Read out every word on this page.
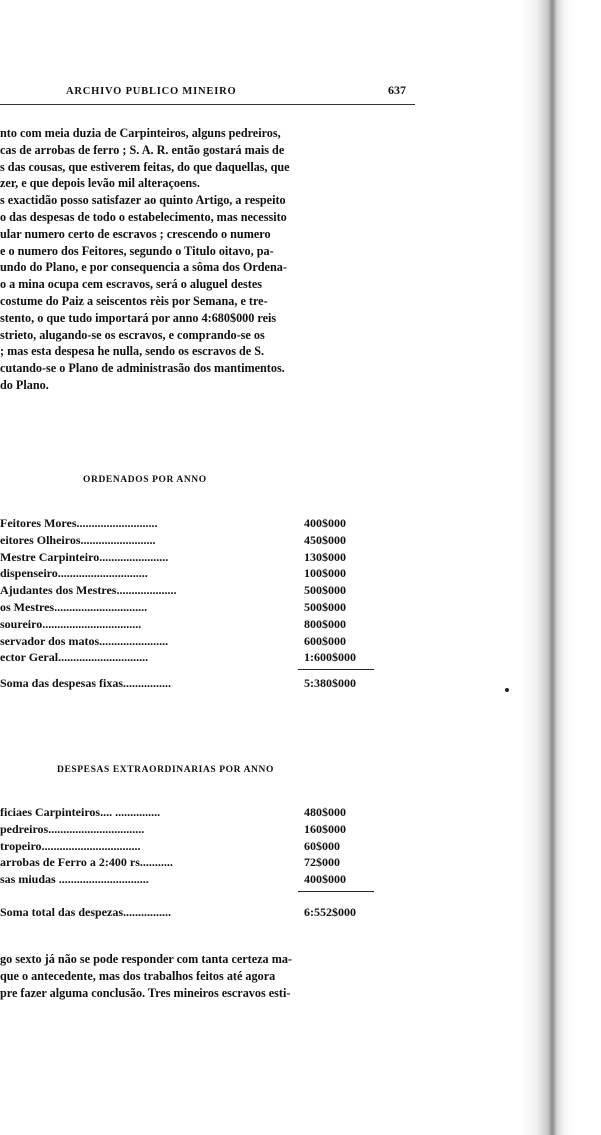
ARCHIVO PUBLICO MINEIRO	637
nto com meia duzia de Carpinteiros, alguns pedreiros,
cas de arrobas de ferro ; S. A. R. então gostará mais de
s das cousas, que estiverem feitas, do que daquellas, que
zer, e que depois levão mil alteraçoens.
s exactidão posso satisfazer ao quinto Artigo, a respeito
o das despesas de todo o estabelecimento, mas necessito
ular numero certo de escravos ; crescendo o numero
e o numero dos Feitores, segundo o Titulo oitavo, pa-
undo do Plano, e por consequencia a sôma dos Ordena-
o a mina ocupa cem escravos, será o aluguel destes
costume do Paiz a seiscentos rèis por Semana, e tre-
stento, o que tudo importará por anno 4:680$000 reis
strieto, alugando-se os escravos, e comprando-se os
; mas esta despesa he nulla, sendo os escravos de S.
cutando-se o Plano de administrasão dos mantimentos.
do Plano.
ORDENADOS POR ANNO
Feitores Mores...........................	400$000
eitores Olheiros.........................	450$000
Mestre Carpinteiro.......................	130$000
dispenseiro..............................	100$000
Ajudantes dos Mestres....................	500$000
os Mestres...............................	500$000
soureiro.................................	800$000
servador dos matos.......................	600$000
ector Geral..............................	1:600$000
Soma das despesas fixas................	5:380$000
DESPESAS EXTRAORDINARIAS POR ANNO
ficiaes Carpinteiros.... ...............	480$000
pedreiros................................	160$000
tropeiro.................................	60$000
arrobas de Ferro a 2:400 rs...........	72$000
sas miudas ..............................	400$000
Soma total das despezas................	6:552$000
go sexto já não se pode responder com tanta certeza ma-
que o antecedente, mas dos trabalhos feitos até agora
pre fazer alguma conclusão. Tres mineiros escravos esti-
